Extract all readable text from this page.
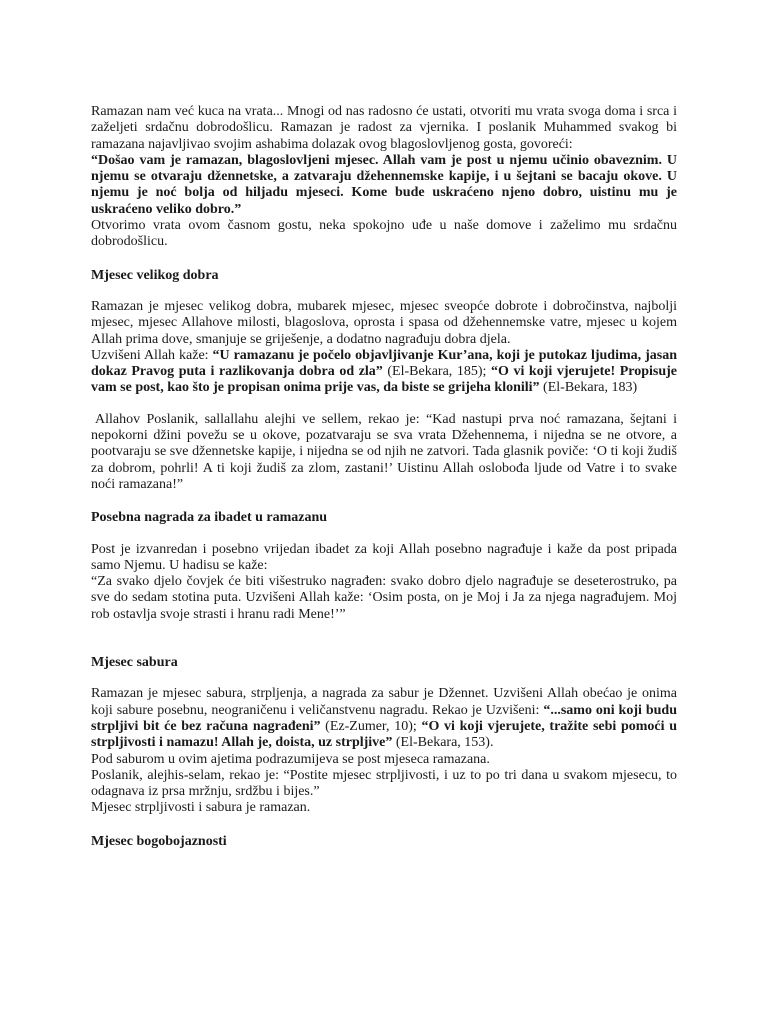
Ramazan nam već kuca na vrata... Mnogi od nas radosno će ustati, otvoriti mu vrata svoga doma i srca i zaželjeti srdačnu dobrodošlicu. Ramazan je radost za vjernika. I poslanik Muhammed svakog bi ramazana najavljivao svojim ashabima dolazak ovog blagoslovljenog gosta, govoreći:

“Došao vam je ramazan, blagoslovljeni mjesec. Allah vam je post u njemu učinio obaveznim. U njemu se otvaraju džennetske, a zatvaraju džehennemske kapije, i u šejtani se bacaju okove. U njemu je noć bolja od hiljadu mjeseci. Kome bude uskraćeno njeno dobro, uistinu mu je uskraćeno veliko dobro.”

Otvorimo vrata ovom časnom gostu, neka spokojno uđe u naše domove i zaželimo mu srdačnu dobrodošlicu.

Mjesec velikog dobra

Ramazan je mjesec velikog dobra, mubarek mjesec, mjesec sveopće dobrote i dobročinstva, najbolji mjesec, mjesec Allahove milosti, blagoslova, oprosta i spasa od džehennemske vatre, mjesec u kojem Allah prima dove, smanjuje se griješenje, a dodatno nagrađuju dobra djela.

Uzvišeni Allah kaže: “U ramazanu je počelo objavljivanje Kur’ana, koji je putokaz ljudima, jasan dokaz Pravog puta i razlikovanja dobra od zla” (El-Bekara, 185); “O vi koji vjerujete! Propisuje vam se post, kao što je propisan onima prije vas, da biste se grijeha klonili” (El-Bekara, 183)

Allahov Poslanik, sallallahu alejhi ve sellem, rekao je: “Kad nastupi prva noć ramazana, šejtani i nepokorni džini povežu se u okove, pozatvaraju se sva vrata Džehennema, i nijedna se ne otvore, a pootvaraju se sve džennetske kapije, i nijedna se od njih ne zatvori. Tada glasnik poviče: ‘O ti koji žudiš za dobrom, pohrli! A ti koji žudiš za zlom, zastani!’ Uistinu Allah oslobođa ljude od Vatre i to svake noći ramazana!”

Posebna nagrada za ibadet u ramazanu

Post je izvanredan i posebno vrijedan ibadet za koji Allah posebno nagrađuje i kaže da post pripada samo Njemu. U hadisu se kaže:

“Za svako djelo čovjek će biti višestruko nagrađen: svako dobro djelo nagrađuje se deseterostruko, pa sve do sedam stotina puta. Uzvišeni Allah kaže: ‘Osim posta, on je Moj i Ja za njega nagrađujem. Moj rob ostavlja svoje strasti i hranu radi Mene!’”

Mjesec sabura

Ramazan je mjesec sabura, strpljenja, a nagrada za sabur je Džennet. Uzvišeni Allah obećao je onima koji sabure posebnu, neograničenu i veličanstvenu nagradu. Rekao je Uzvišeni: “...samo oni koji budu strpljivi bit će bez računa nagrađeni” (Ez-Zumer, 10); “O vi koji vjerujete, tražite sebi pomoći u strpljivosti i namazu! Allah je, doista, uz strpljive” (El-Bekara, 153).

Pod saburom u ovim ajetima podrazumijeva se post mjeseca ramazana.

Poslanik, alejhis-selam, rekao je: “Postite mjesec strpljivosti, i uz to po tri dana u svakom mjesecu, to odagnava iz prsa mržnju, srdžbu i bijes.”

Mjesec strpljivosti i sabura je ramazan.

Mjesec bogobojaznosti
